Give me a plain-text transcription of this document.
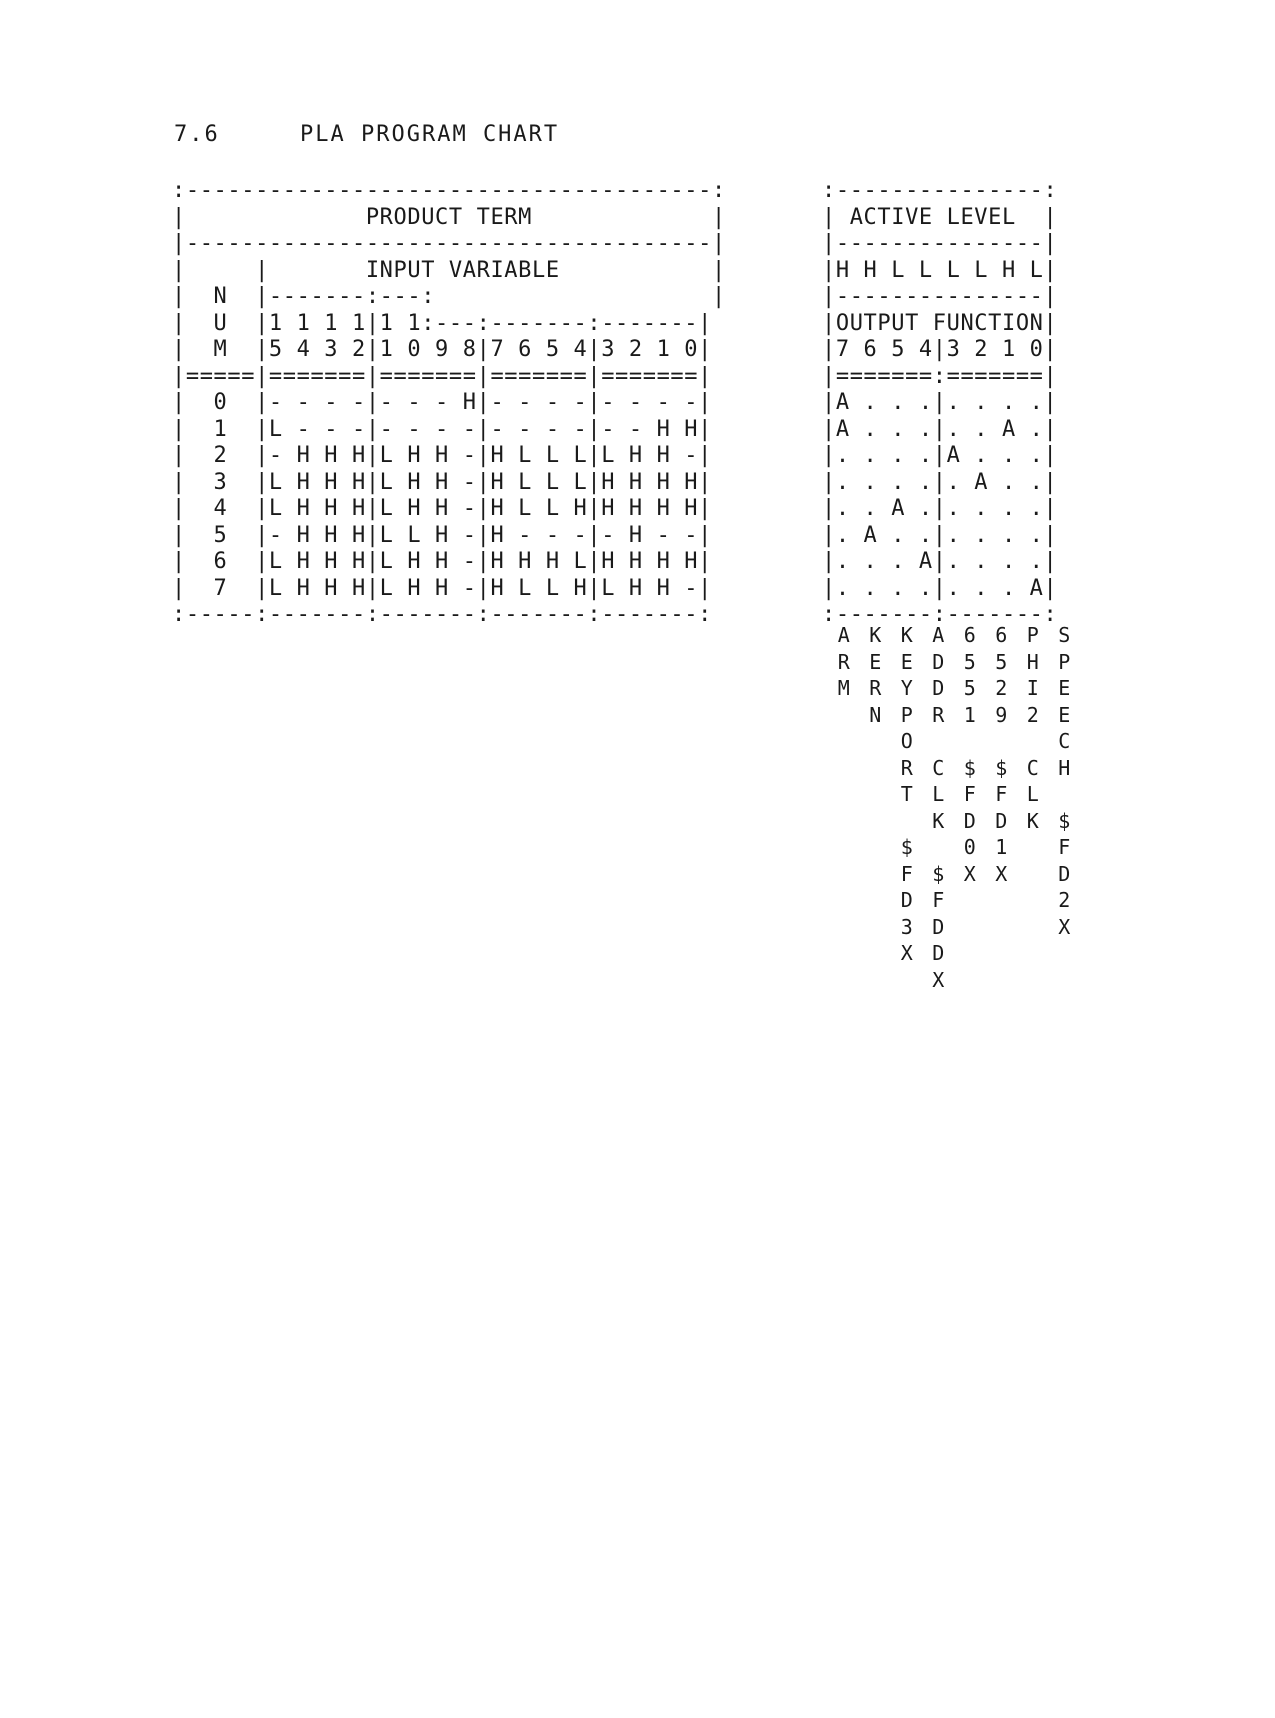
7.6	PLA PROGRAM CHART
:--------------------------------------:
|             PRODUCT TERM             |
|--------------------------------------|
|     |       INPUT VARIABLE           |
|  N  |-------:---:                    |
|  U  |1 1 1 1|1 1:---:-------:-------|
|  M  |5 4 3 2|1 0 9 8|7 6 5 4|3 2 1 0|
|=====|=======|=======|=======|=======|
|  0  |- - - -|- - - H|- - - -|- - - -|
|  1  |L - - -|- - - -|- - - -|- - H H|
|  2  |- H H H|L H H -|H L L L|L H H -|
|  3  |L H H H|L H H -|H L L L|H H H H|
|  4  |L H H H|L H H -|H L L H|H H H H|
|  5  |- H H H|L L H -|H - - -|- H - -|
|  6  |L H H H|L H H -|H H H L|H H H H|
|  7  |L H H H|L H H -|H L L H|L H H -|
:-----:-------:-------:-------:-------:
:---------------:
| ACTIVE LEVEL  |
|---------------|
|H H L L L L H L|
|---------------|
|OUTPUT FUNCTION|
|7 6 5 4|3 2 1 0|
|=======:=======|
|A . . .|. . . .|
|A . . .|. . A .|
|. . . .|A . . .|
|. . . .|. A . .|
|. . A .|. . . .|
|. A . .|. . . .|
|. . . A|. . . .|
|. . . .|. . . A|
:-------:-------:
A
R
M
K
E
R
N
K
E
Y
P
O
R
T
$
F
D
3
X
A
D
D
R
C
L
K
$
F
D
D
X
6
5
5
1
$
F
D
0
X
6
5
2
9
$
F
D
1
X
P
H
I
2
C
L
K
S
P
E
E
C
H
$
F
D
2
X
